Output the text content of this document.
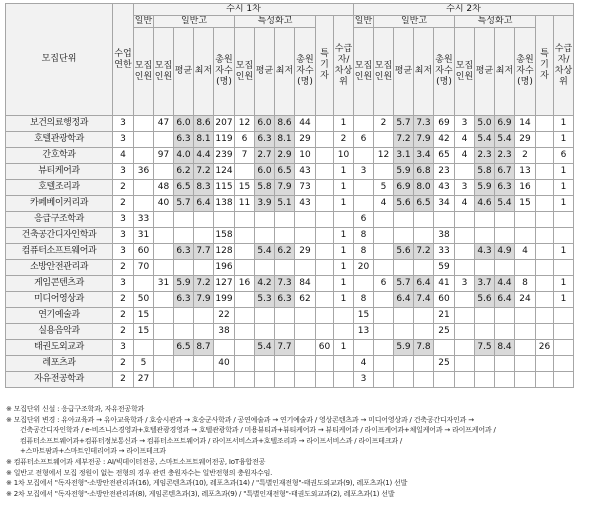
모집단위	수업연한	수시 1차											수시 2차										
		일반	일반고				특성화고				특기자	수급자/차상위	일반	일반고				특성화고				특기자	수급자/차상위
		모집인원	모집인원	평균	최저	총원자수(명)	모집인원	평균	최저	총원자수(명)			모집인원	모집인원	평균	최저	총원자수(명)	모집인원	평균	최저	총원자수(명)		
보건의료행정과	3		47	6.0	8.6	207	12	6.0	8.6	44		1		2	5.7	7.3	69	3	5.0	6.9	14		1
호텔관광학과	3			6.3	8.1	119	6	6.3	8.1	29		2	6		7.2	7.9	42	4	5.4	5.4	29		1
간호학과	4		97	4.0	4.4	239	7	2.7	2.9	10		10		12	3.1	3.4	65	4	2.3	2.3	2		6
뷰티케어과	3	36		6.2	7.2	124		6.0	6.5	43		1	3		5.9	6.8	23		5.8	6.7	13		1
호텔조리과	2		48	6.5	8.3	115	15	5.8	7.9	73		1		5	6.9	8.0	43	3	5.9	6.3	16		1
카페베이커리과	2		40	5.7	6.4	138	11	3.9	5.1	43		1		4	5.6	6.5	34	4	4.6	5.4	15		1
응급구조학과	3	33											6										
건축공간디자인학과	3	31				158						1	8				38						
컴퓨터소프트웨어과	3	60		6.3	7.7	128		5.4	6.2	29		1	8		5.6	7.2	33		4.3	4.9	4		1
소방안전관리과	2	70				196						1	20				59						
게임콘텐츠과	3		31	5.9	7.2	127	16	4.2	7.3	84		1		6	5.7	6.4	41	3	3.7	4.4	8		1
미디어영상과	2	50		6.3	7.9	199		5.3	6.3	62		1	8		6.4	7.4	60		5.6	6.4	24		1
연기예술과	2	15				22							15				21						
실용음악과	2	15				38							13				25						
태권도외교과	3			6.5	8.7			5.4	7.7		60	1			5.9	7.8			7.5	8.4		26	
레포츠과	2	5				40							4				25						
자유전공학과	2	27											3										
※ 모집단위 신설 : 응급구조학과, 자유전공학과
※ 모집단위 변경 : 유아교육과 → 유아교육학과 / 호승시관과 → 호승군사학과 / 공연예술과 → 연기예술과 / 영상콘텐츠과 → 미디어영상과 / 건축공간디자인과 →
건축공간디자인학과 / e-비즈니스경영과+호텔관광경영과 → 호텔관광학과 / 미용뷰티과+뷰티케어과 → 뷰티케어과 / 라이프케어과+체일케어과 → 라이프케어과 /
컴퓨터소프트웨어과+컴퓨터정보통신과 → 컴퓨터소프트웨어과 / 라이프서비스과+호텔조리과 → 라이프서비스과 / 라이프테크과 /
+스마트팜과+스마트인테리어과 → 라이프테크과
※ 컴퓨터소프트웨어과 세부전공 : AI/빅데이터전공, 스마트소프트웨어전공, IoT융합전공
※ 일반고 전형에서 모집 정원이 없는 전형의 경우 관련 충원자수는 일반전형의 충원자수임.
※ 1차 모집에서 "독자전형"-소방안전관리과(16), 게임콘텐츠과(10), 레포츠과(14) / "특별인재전형"-태권도외교과(9), 레포츠과(1) 선발
※ 2차 모집에서 "독자전형"-소방안전관리과(8), 게임콘텐츠과(3), 레포츠과(9) / "특별인재전형"-태권도외교과(2), 레포츠과(1) 선발
